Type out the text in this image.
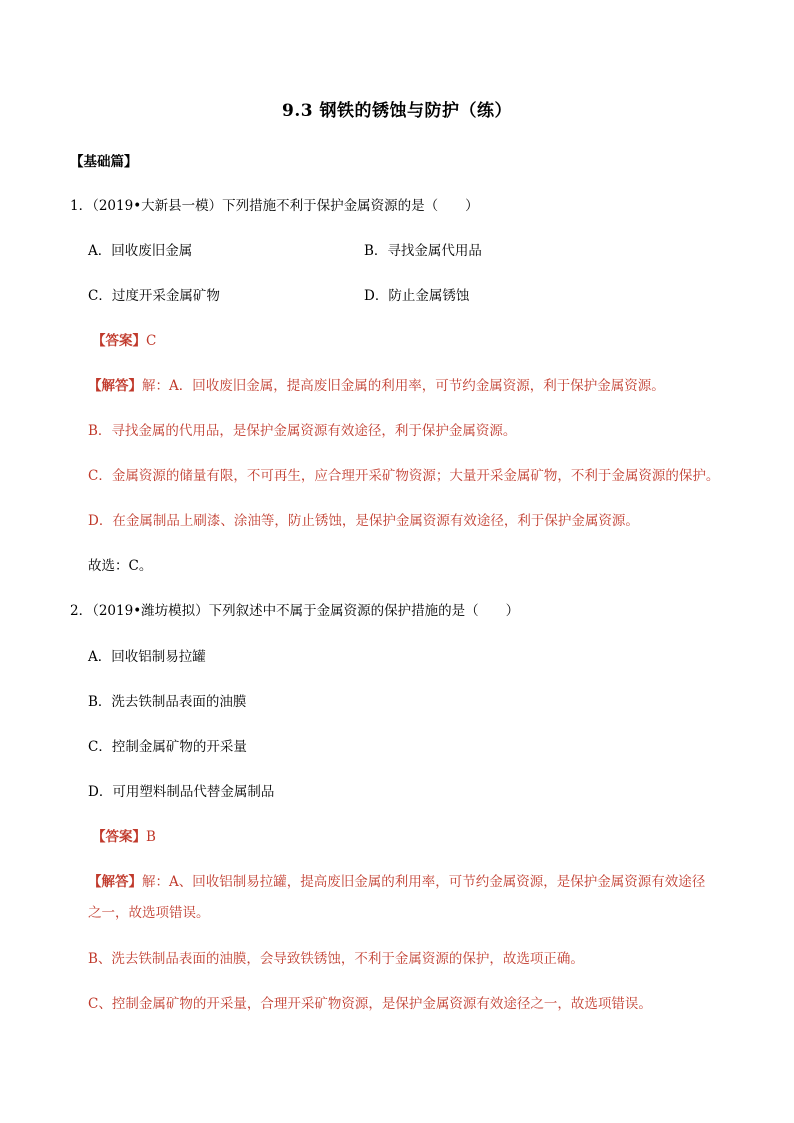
9.3 钢铁的锈蚀与防护（练）
【基础篇】
1．（2019•大新县一模）下列措施不利于保护金属资源的是（　　）
A．回收废旧金属	B．寻找金属代用品
C．过度开采金属矿物	D．防止金属锈蚀
【答案】C
【解答】解：A．回收废旧金属，提高废旧金属的利用率，可节约金属资源，利于保护金属资源。
B．寻找金属的代用品，是保护金属资源有效途径，利于保护金属资源。
C．金属资源的储量有限，不可再生，应合理开采矿物资源；大量开采金属矿物，不利于金属资源的保护。
D．在金属制品上刷漆、涂油等，防止锈蚀，是保护金属资源有效途径，利于保护金属资源。
故选：C。
2．（2019•潍坊模拟）下列叙述中不属于金属资源的保护措施的是（　　）
A．回收铝制易拉罐
B．洗去铁制品表面的油膜
C．控制金属矿物的开采量
D．可用塑料制品代替金属制品
【答案】B
【解答】解：A、回收铝制易拉罐，提高废旧金属的利用率，可节约金属资源，是保护金属资源有效途径
之一，故选项错误。
B、洗去铁制品表面的油膜，会导致铁锈蚀，不利于金属资源的保护，故选项正确。
C、控制金属矿物的开采量，合理开采矿物资源，是保护金属资源有效途径之一，故选项错误。
